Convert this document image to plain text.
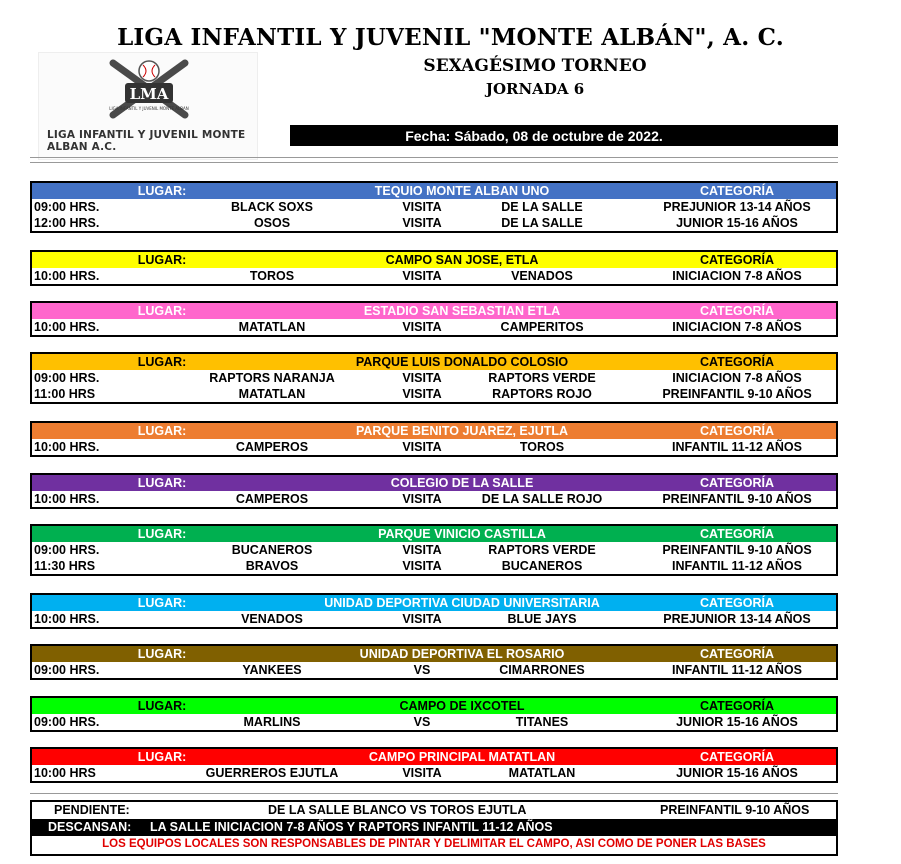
LIGA INFANTIL Y JUVENIL "MONTE ALBÁN", A. C.
SEXAGÉSIMO TORNEO
JORNADA 6
LMA
LIGA INFANTIL Y JUVENIL MONTE ALBAN
LIGA INFANTIL Y JUVENIL MONTE ALBAN A.C.
Fecha: Sábado, 08 de octubre de 2022.
LUGAR:	TEQUIO MONTE ALBAN UNO	CATEGORÍA
09:00 HRS.	BLACK SOXS	VISITA	DE LA SALLE	PREJUNIOR 13-14 AÑOS
12:00 HRS.	OSOS	VISITA	DE LA SALLE	JUNIOR 15-16 AÑOS
LUGAR:	CAMPO SAN JOSE, ETLA	CATEGORÍA
10:00 HRS.	TOROS	VISITA	VENADOS	INICIACION 7-8 AÑOS
LUGAR:	ESTADIO SAN SEBASTIAN ETLA	CATEGORÍA
10:00 HRS.	MATATLAN	VISITA	CAMPERITOS	INICIACION 7-8 AÑOS
LUGAR:	PARQUE LUIS DONALDO COLOSIO	CATEGORÍA
09:00 HRS.	RAPTORS NARANJA	VISITA	RAPTORS VERDE	INICIACION 7-8 AÑOS
11:00 HRS	MATATLAN	VISITA	RAPTORS ROJO	PREINFANTIL 9-10 AÑOS
LUGAR:	PARQUE BENITO JUAREZ, EJUTLA	CATEGORÍA
10:00 HRS.	CAMPEROS	VISITA	TOROS	INFANTIL 11-12 AÑOS
LUGAR:	COLEGIO DE LA SALLE	CATEGORÍA
10:00 HRS.	CAMPEROS	VISITA	DE LA SALLE ROJO	PREINFANTIL 9-10 AÑOS
LUGAR:	PARQUE VINICIO CASTILLA	CATEGORÍA
09:00 HRS.	BUCANEROS	VISITA	RAPTORS VERDE	PREINFANTIL 9-10 AÑOS
11:30 HRS	BRAVOS	VISITA	BUCANEROS	INFANTIL 11-12 AÑOS
LUGAR:	UNIDAD DEPORTIVA CIUDAD UNIVERSITARIA	CATEGORÍA
10:00 HRS.	VENADOS	VISITA	BLUE JAYS	PREJUNIOR 13-14 AÑOS
LUGAR:	UNIDAD DEPORTIVA EL ROSARIO	CATEGORÍA
09:00 HRS.	YANKEES	VS	CIMARRONES	INFANTIL 11-12 AÑOS
LUGAR:	CAMPO DE IXCOTEL	CATEGORÍA
09:00 HRS.	MARLINS	VS	TITANES	JUNIOR 15-16 AÑOS
LUGAR:	CAMPO PRINCIPAL MATATLAN	CATEGORÍA
10:00 HRS	GUERREROS EJUTLA	VISITA	MATATLAN	JUNIOR 15-16 AÑOS
PENDIENTE:	DE LA SALLE BLANCO VS TOROS EJUTLA	PREINFANTIL 9-10 AÑOS
DESCANSAN: LA SALLE INICIACION 7-8 AÑOS Y RAPTORS INFANTIL 11-12 AÑOS
LOS EQUIPOS LOCALES SON RESPONSABLES DE PINTAR Y DELIMITAR EL CAMPO, ASI COMO DE PONER LAS BASES
